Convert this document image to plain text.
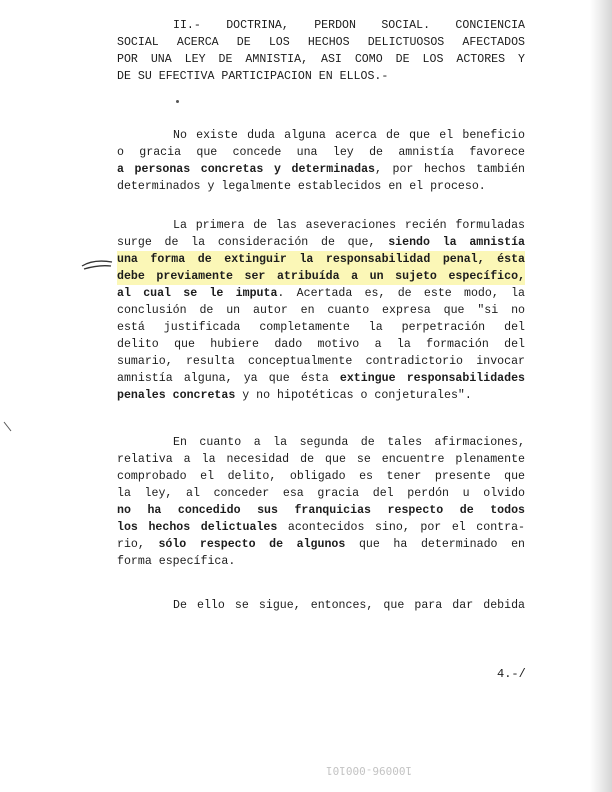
II.- DOCTRINA, PERDON SOCIAL. CONCIENCIA
SOCIAL ACERCA DE LOS HECHOS DELICTUOSOS AFECTADOS
POR UNA LEY DE AMNISTIA, ASI COMO DE LOS ACTORES Y
DE SU EFECTIVA PARTICIPACION EN ELLOS.-
No existe duda alguna acerca de que el beneficio
o gracia que concede una ley de amnistía favorece
a personas concretas y determinadas, por hechos también
determinados y legalmente establecidos en el proceso.
La primera de las aseveraciones recién formuladas
surge de la consideración de que, siendo la amnistía
una forma de extinguir la responsabilidad penal, ésta
debe previamente ser atribuída a un sujeto específico,
al cual se le imputa. Acertada es, de este modo, la
conclusión de un autor en cuanto expresa que "si no
está justificada completamente la perpetración del
delito que hubiere dado motivo a la formación del
sumario, resulta conceptualmente contradictorio invocar
amnistía alguna, ya que ésta extingue responsabilidades
penales concretas y no hipotéticas o conjeturales".
En cuanto a la segunda de tales afirmaciones,
relativa a la necesidad de que se encuentre plenamente
comprobado el delito, obligado es tener presente que
la ley, al conceder esa gracia del perdón u olvido
no ha concedido sus franquicias respecto de todos
los hechos delictuales acontecidos sino, por el contra-
rio, sólo respecto de algunos que ha determinado en
forma específica.
De ello se sigue, entonces, que para dar debida
4.-/
100096-000101
